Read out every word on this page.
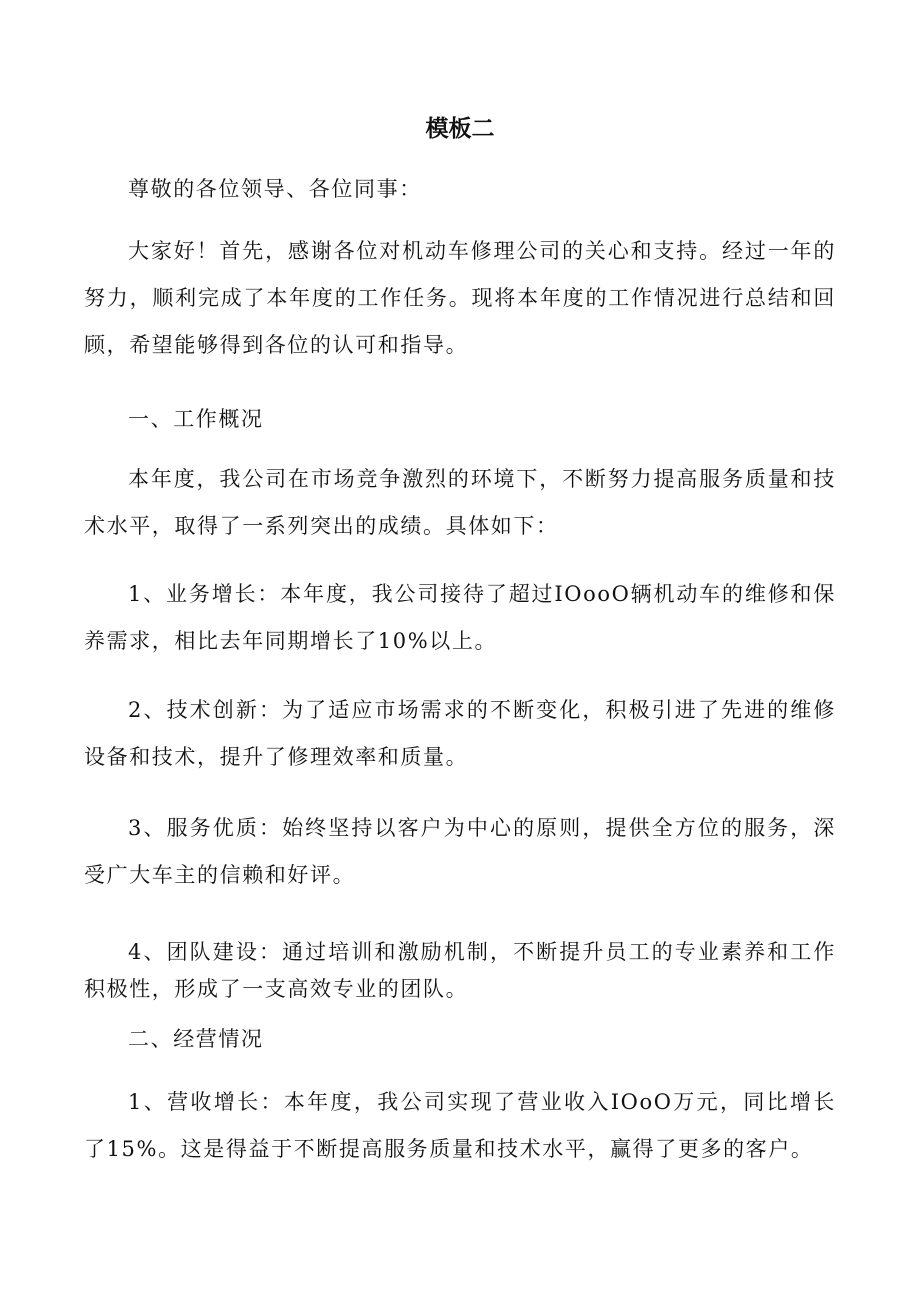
模板二

尊敬的各位领导、各位同事：

大家好！首先，感谢各位对机动车修理公司的关心和支持。经过一年的努力，顺利完成了本年度的工作任务。现将本年度的工作情况进行总结和回顾，希望能够得到各位的认可和指导。

一、工作概况

本年度，我公司在市场竞争激烈的环境下，不断努力提高服务质量和技术水平，取得了一系列突出的成绩。具体如下：

1、业务增长：本年度，我公司接待了超过IOooO辆机动车的维修和保养需求，相比去年同期增长了10%以上。

2、技术创新：为了适应市场需求的不断变化，积极引进了先进的维修设备和技术，提升了修理效率和质量。

3、服务优质：始终坚持以客户为中心的原则，提供全方位的服务，深受广大车主的信赖和好评。

4、团队建设：通过培训和激励机制，不断提升员工的专业素养和工作积极性，形成了一支高效专业的团队。

二、经营情况

1、营收增长：本年度，我公司实现了营业收入IOoO万元，同比增长了15%。这是得益于不断提高服务质量和技术水平，赢得了更多的客户。
